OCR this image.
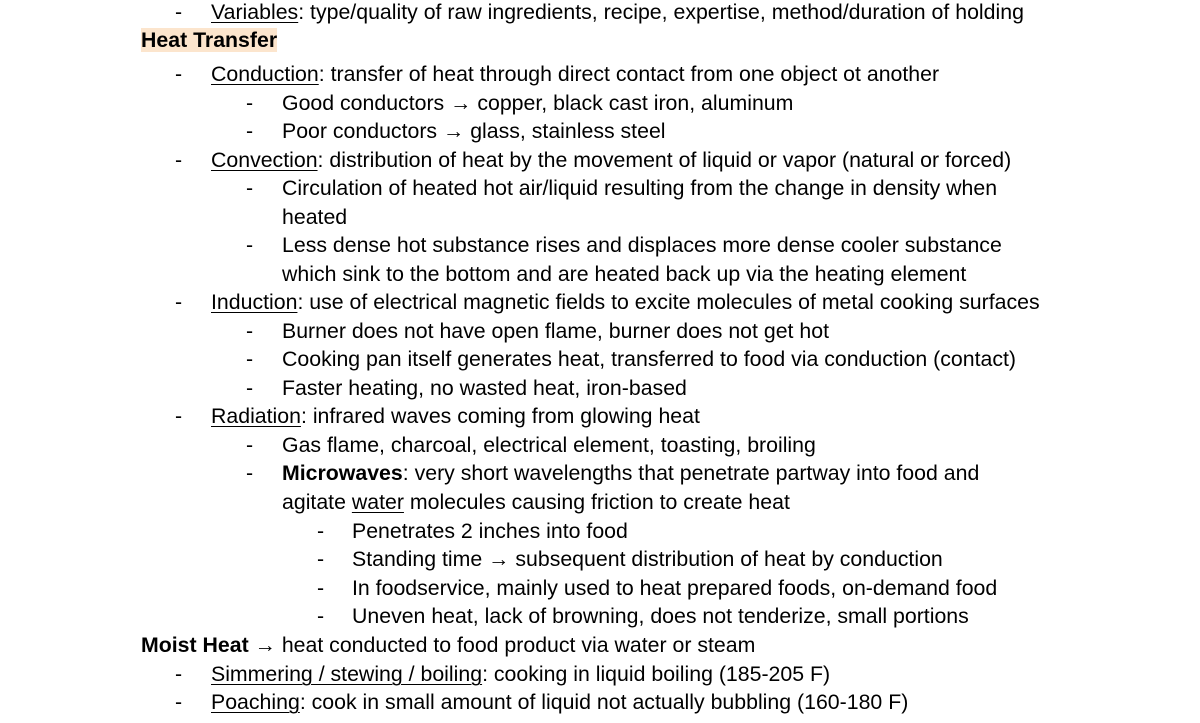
- Variables: type/quality of raw ingredients, recipe, expertise, method/duration of holding
Heat Transfer
- Conduction: transfer of heat through direct contact from one object ot another
- Good conductors → copper, black cast iron, aluminum
- Poor conductors → glass, stainless steel
- Convection: distribution of heat by the movement of liquid or vapor (natural or forced)
- Circulation of heated hot air/liquid resulting from the change in density when
heated
- Less dense hot substance rises and displaces more dense cooler substance
which sink to the bottom and are heated back up via the heating element
- Induction: use of electrical magnetic fields to excite molecules of metal cooking surfaces
- Burner does not have open flame, burner does not get hot
- Cooking pan itself generates heat, transferred to food via conduction (contact)
- Faster heating, no wasted heat, iron-based
- Radiation: infrared waves coming from glowing heat
- Gas flame, charcoal, electrical element, toasting, broiling
- Microwaves: very short wavelengths that penetrate partway into food and
agitate water molecules causing friction to create heat
- Penetrates 2 inches into food
- Standing time → subsequent distribution of heat by conduction
- In foodservice, mainly used to heat prepared foods, on-demand food
- Uneven heat, lack of browning, does not tenderize, small portions
Moist Heat → heat conducted to food product via water or steam
- Simmering / stewing / boiling: cooking in liquid boiling (185-205 F)
- Poaching: cook in small amount of liquid not actually bubbling (160-180 F)
